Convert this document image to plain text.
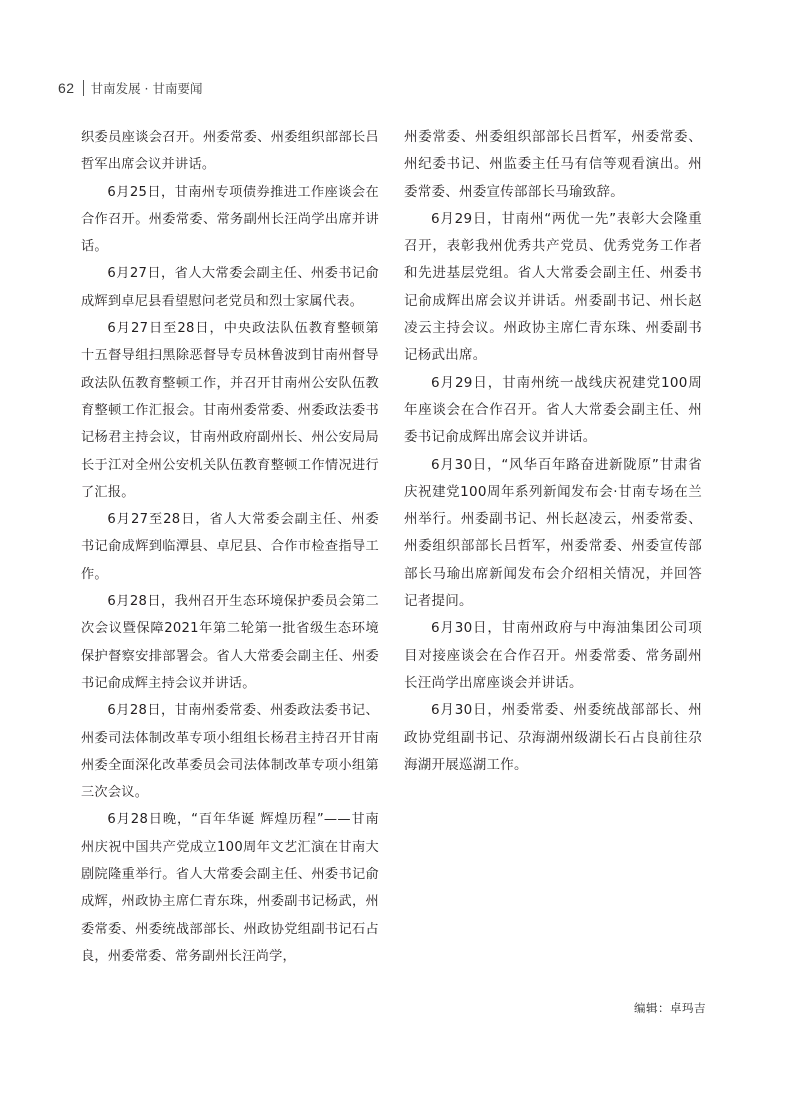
62 甘南发展 · 甘南要闻

织委员座谈会召开。州委常委、州委组织部部长吕哲军出席会议并讲话。

6月25日，甘南州专项债券推进工作座谈会在合作召开。州委常委、常务副州长汪尚学出席并讲话。

6月27日，省人大常委会副主任、州委书记俞成辉到卓尼县看望慰问老党员和烈士家属代表。

6月27日至28日，中央政法队伍教育整顿第十五督导组扫黑除恶督导专员林鲁波到甘南州督导政法队伍教育整顿工作，并召开甘南州公安队伍教育整顿工作汇报会。甘南州委常委、州委政法委书记杨君主持会议，甘南州政府副州长、州公安局局长于江对全州公安机关队伍教育整顿工作情况进行了汇报。

6月27至28日，省人大常委会副主任、州委书记俞成辉到临潭县、卓尼县、合作市检查指导工作。

6月28日，我州召开生态环境保护委员会第二次会议暨保障2021年第二轮第一批省级生态环境保护督察安排部署会。省人大常委会副主任、州委书记俞成辉主持会议并讲话。

6月28日，甘南州委常委、州委政法委书记、州委司法体制改革专项小组组长杨君主持召开甘南州委全面深化改革委员会司法体制改革专项小组第三次会议。

6月28日晚，“百年华诞 辉煌历程”——甘南州庆祝中国共产党成立100周年文艺汇演在甘南大剧院隆重举行。省人大常委会副主任、州委书记俞成辉，州政协主席仁青东珠，州委副书记杨武，州委常委、州委统战部部长、州政协党组副书记石占良，州委常委、常务副州长汪尚学，

州委常委、州委组织部部长吕哲军，州委常委、州纪委书记、州监委主任马有信等观看演出。州委常委、州委宣传部部长马瑜致辞。

6月29日，甘南州“两优一先”表彰大会隆重召开，表彰我州优秀共产党员、优秀党务工作者和先进基层党组。省人大常委会副主任、州委书记俞成辉出席会议并讲话。州委副书记、州长赵凌云主持会议。州政协主席仁青东珠、州委副书记杨武出席。

6月29日，甘南州统一战线庆祝建党100周年座谈会在合作召开。省人大常委会副主任、州委书记俞成辉出席会议并讲话。

6月30日，“风华百年路奋进新陇原”甘肃省庆祝建党100周年系列新闻发布会·甘南专场在兰州举行。州委副书记、州长赵凌云，州委常委、州委组织部部长吕哲军，州委常委、州委宣传部部长马瑜出席新闻发布会介绍相关情况，并回答记者提问。

6月30日，甘南州政府与中海油集团公司项目对接座谈会在合作召开。州委常委、常务副州长汪尚学出席座谈会并讲话。

6月30日，州委常委、州委统战部部长、州政协党组副书记、尕海湖州级湖长石占良前往尕海湖开展巡湖工作。

编辑：卓玛吉
